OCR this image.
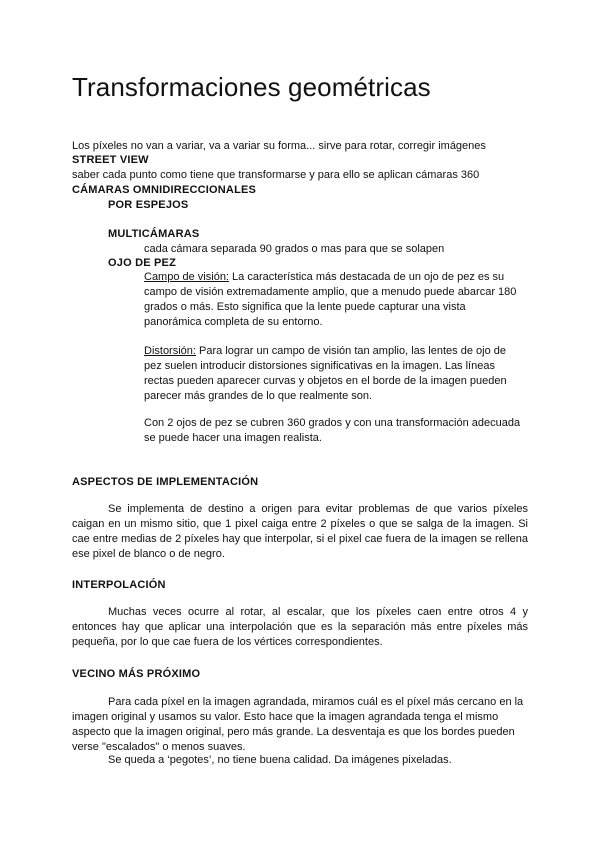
Transformaciones geométricas
Los píxeles no van a variar, va a variar su forma... sirve para rotar, corregir imágenes
STREET VIEW
saber cada punto como tiene que transformarse y para ello se aplican cámaras 360
CÁMARAS OMNIDIRECCIONALES
POR ESPEJOS
MULTICÁMARAS
cada cámara separada 90 grados o mas para que se solapen
OJO DE PEZ

Campo de visión: La característica más destacada de un ojo de pez es su campo de visión extremadamente amplio, que a menudo puede abarcar 180 grados o más. Esto significa que la lente puede capturar una vista panorámica completa de su entorno.

Distorsión: Para lograr un campo de visión tan amplio, las lentes de ojo de pez suelen introducir distorsiones significativas en la imagen. Las líneas rectas pueden aparecer curvas y objetos en el borde de la imagen pueden parecer más grandes de lo que realmente son.

Con 2 ojos de pez se cubren 360 grados y con una transformación adecuada se puede hacer una imagen realista.

ASPECTOS DE IMPLEMENTACIÓN

Se implementa de destino a origen para evitar problemas de que varios píxeles caigan en un mismo sitio, que 1 pixel caiga entre 2 píxeles o que se salga de la imagen. Si cae entre medias de 2 píxeles hay que interpolar, si el pixel cae fuera de la imagen se rellena ese pixel de blanco o de negro.

INTERPOLACIÓN

Muchas veces ocurre al rotar, al escalar, que los píxeles caen entre otros 4 y entonces hay que aplicar una interpolación que es la separación más entre píxeles más pequeña, por lo que cae fuera de los vértices correspondientes.

VECINO MÁS PRÓXIMO

Para cada píxel en la imagen agrandada, miramos cuál es el píxel más cercano en la imagen original y usamos su valor. Esto hace que la imagen agrandada tenga el mismo aspecto que la imagen original, pero más grande. La desventaja es que los bordes pueden verse "escalados" o menos suaves.

Se queda a ‘pegotes’, no tiene buena calidad. Da imágenes pixeladas.
